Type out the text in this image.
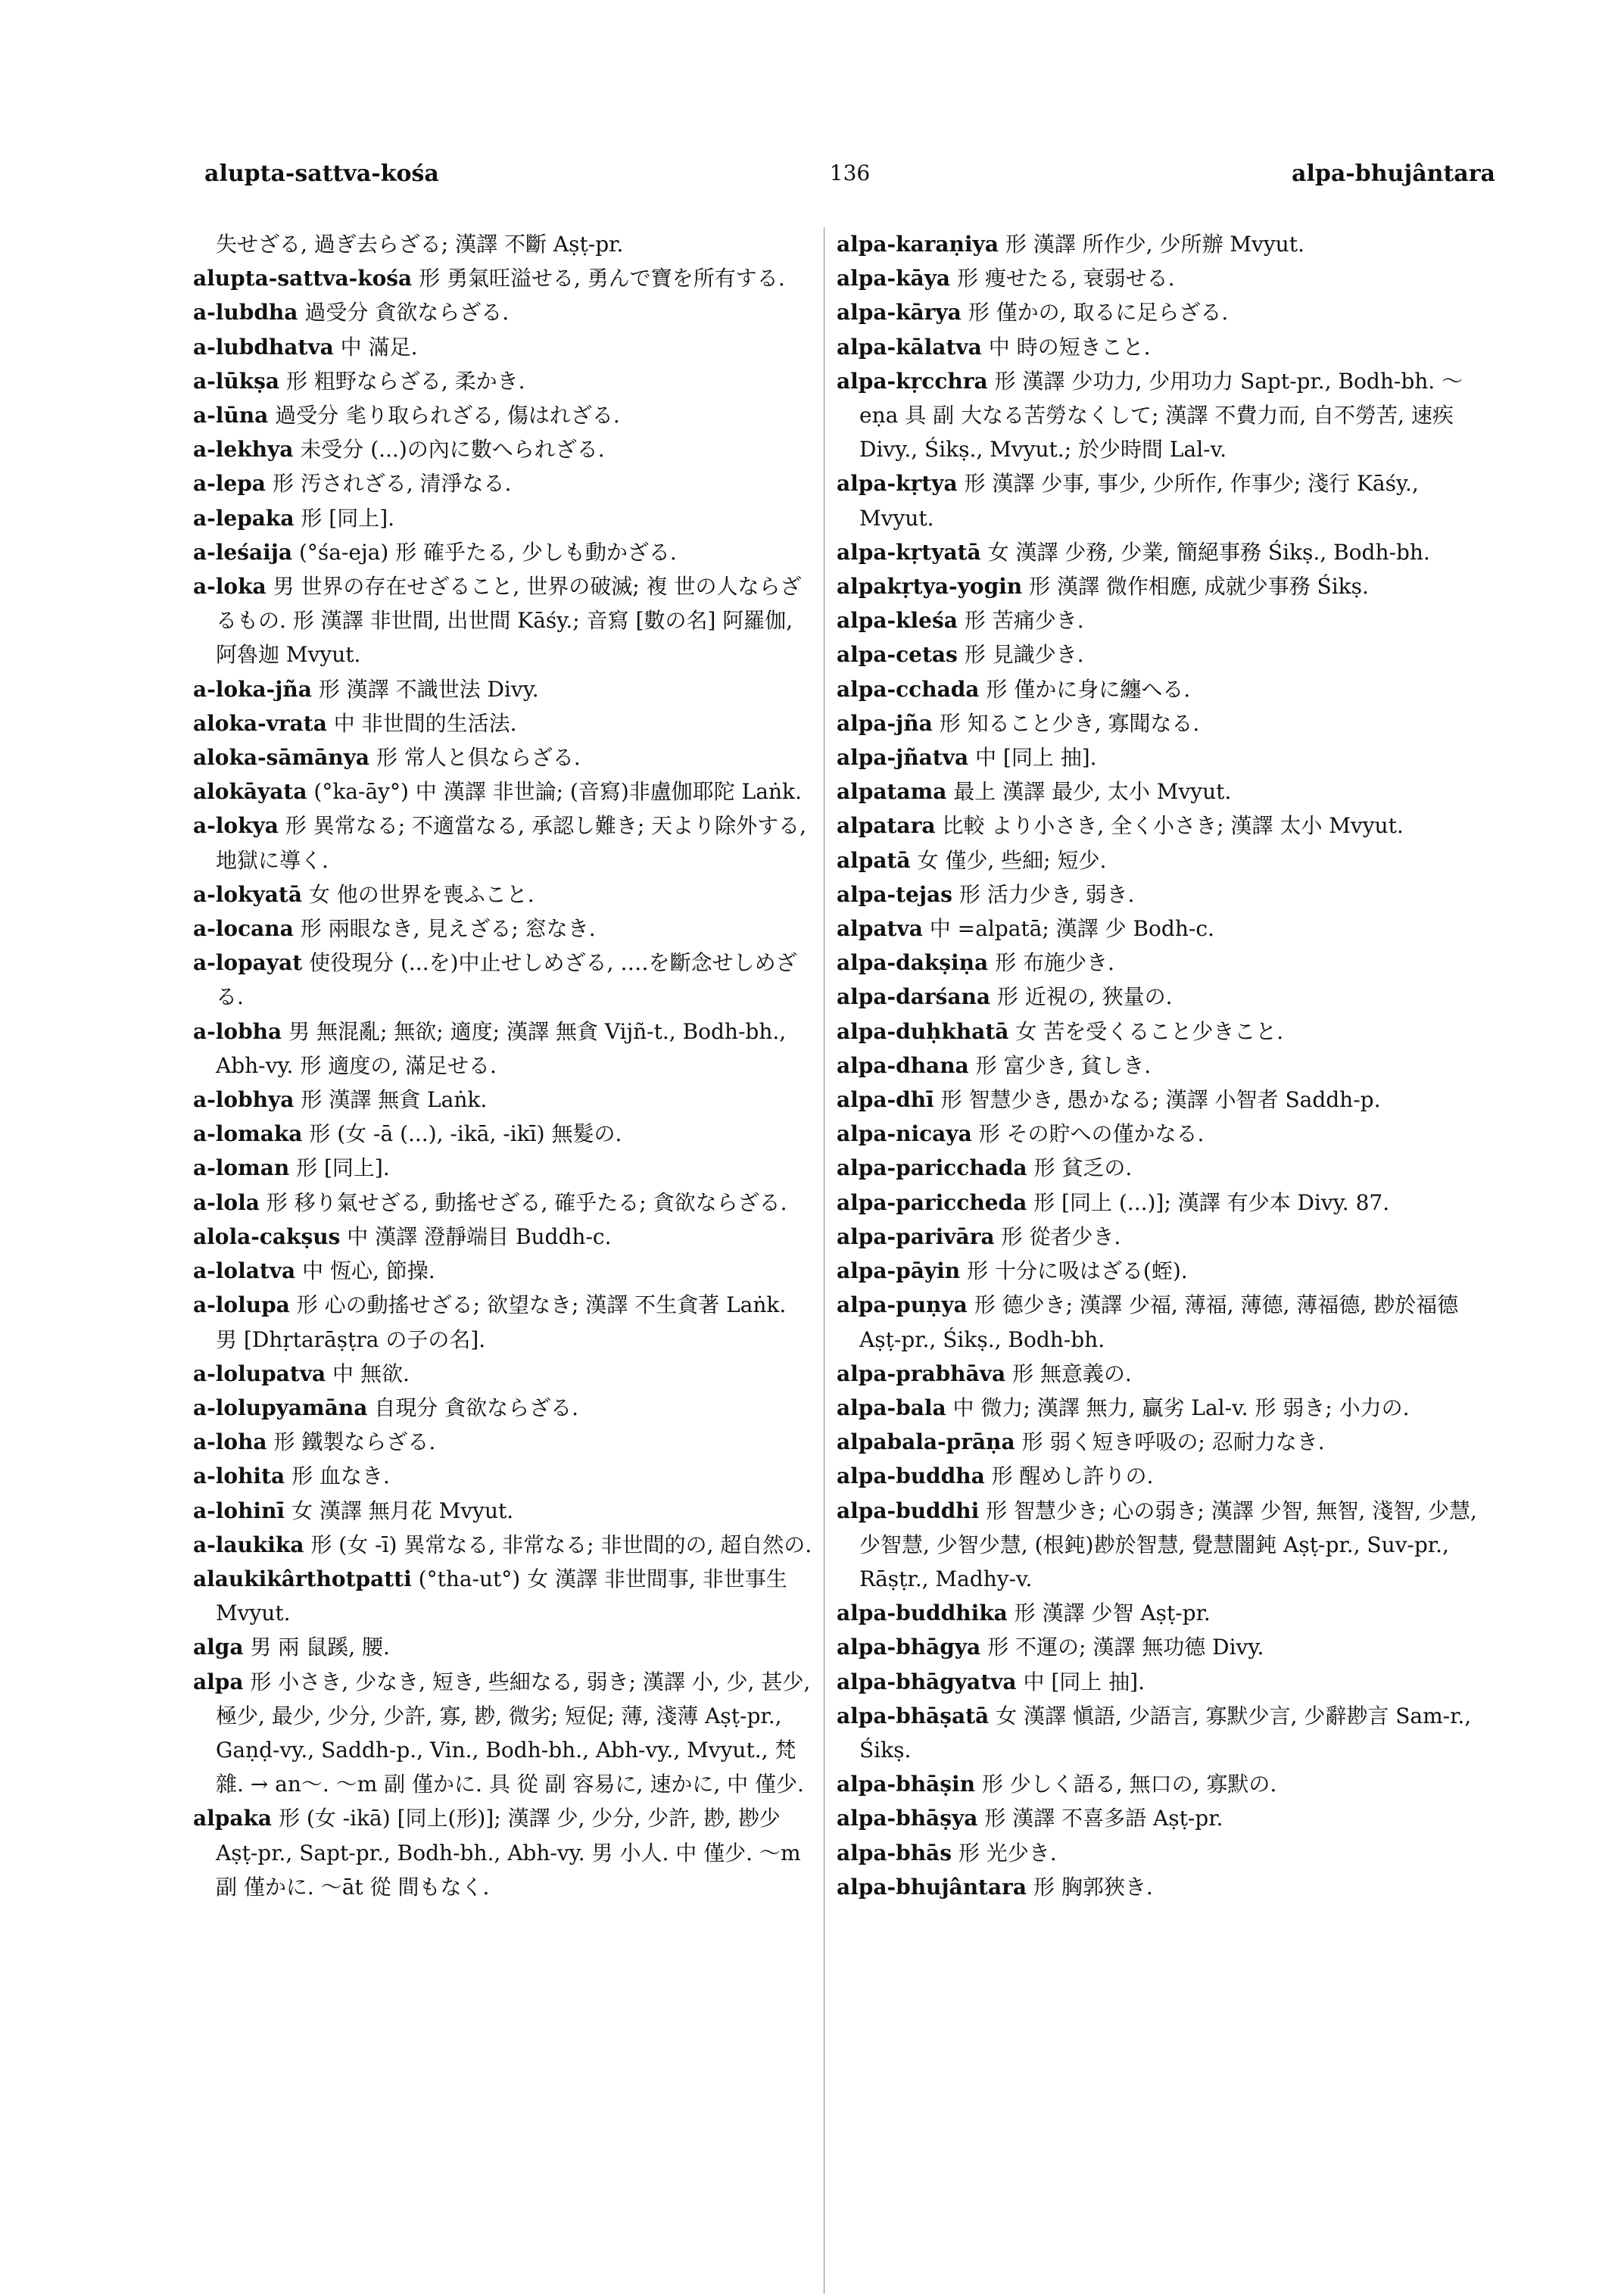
alupta-sattva-kośa	136	alpa-bhujântara
失せざる, 過ぎ去らざる; 漢譯 不斷 Aṣṭ-pr.
alupta-sattva-kośa 形 勇氣旺溢せる, 勇んで寶を所有する.
a-lubdha 過受分 貪欲ならざる.
a-lubdhatva 中 滿足.
a-lūkṣa 形 粗野ならざる, 柔かき.
a-lūna 過受分 毟り取られざる, 傷はれざる.
a-lekhya 未受分 (...)の內に數へられざる.
a-lepa 形 汚されざる, 清淨なる.
a-lepaka 形 [同上].
a-leśaija (°śa-eja) 形 確乎たる, 少しも動かざる.
a-loka 男 世界の存在せざること, 世界の破滅; 複 世の人ならざるもの. 形 漢譯 非世間, 出世間 Kāśy.; 音寫 [數の名] 阿羅伽, 阿魯迦 Mvyut.
a-loka-jña 形 漢譯 不識世法 Divy.
aloka-vrata 中 非世間的生活法.
aloka-sāmānya 形 常人と倶ならざる.
alokāyata (°ka-āy°) 中 漢譯 非世論; (音寫)非盧伽耶陀 Laṅk.
a-lokya 形 異常なる; 不適當なる, 承認し難き; 天より除外する, 地獄に導く.
a-lokyatā 女 他の世界を喪ふこと.
a-locana 形 兩眼なき, 見えざる; 窓なき.
a-lopayat 使役現分 (...を)中止せしめざる, ‥‥を斷念せしめざる.
a-lobha 男 無混亂; 無欲; 適度; 漢譯 無貪 Vijñ-t., Bodh-bh., Abh-vy. 形 適度の, 滿足せる.
a-lobhya 形 漢譯 無貪 Laṅk.
a-lomaka 形 (女 -ā (...), -ikā, -ikī) 無髮の.
a-loman 形 [同上].
a-lola 形 移り氣せざる, 動搖せざる, 確乎たる; 貪欲ならざる.
alola-cakṣus 中 漢譯 澄靜端目 Buddh-c.
a-lolatva 中 恆心, 節操.
a-lolupa 形 心の動搖せざる; 欲望なき; 漢譯 不生貪著 Laṅk. 男 [Dhṛtarāṣṭra の子の名].
a-lolupatva 中 無欲.
a-lolupyamāna 自現分 貪欲ならざる.
a-loha 形 鐵製ならざる.
a-lohita 形 血なき.
a-lohinī 女 漢譯 無月花 Mvyut.
a-laukika 形 (女 -ī) 異常なる, 非常なる; 非世間的の, 超自然の.
alaukikârthotpatti (°tha-ut°) 女 漢譯 非世間事, 非世事生 Mvyut.
alga 男 兩 鼠蹊, 腰.
alpa 形 小さき, 少なき, 短き, 些細なる, 弱き; 漢譯 小, 少, 甚少, 極少, 最少, 少分, 少許, 寡, 尠, 微劣; 短促; 薄, 淺薄 Aṣṭ-pr., Gaṇḍ-vy., Saddh-p., Vin., Bodh-bh., Abh-vy., Mvyut., 梵雜. → an〜. 〜m 副 僅かに. 具 從 副 容易に, 速かに, 中 僅少.
alpaka 形 (女 -ikā) [同上(形)]; 漢譯 少, 少分, 少許, 尠, 尠少 Aṣṭ-pr., Sapt-pr., Bodh-bh., Abh-vy. 男 小人. 中 僅少. 〜m 副 僅かに. 〜āt 從 間もなく.
alpa-karaṇiya 形 漢譯 所作少, 少所辦 Mvyut.
alpa-kāya 形 痩せたる, 衰弱せる.
alpa-kārya 形 僅かの, 取るに足らざる.
alpa-kālatva 中 時の短きこと.
alpa-kṛcchra 形 漢譯 少功力, 少用功力 Sapt-pr., Bodh-bh. 〜eṇa 具 副 大なる苦勞なくして; 漢譯 不費力而, 自不勞苦, 速疾 Divy., Śikṣ., Mvyut.; 於少時間 Lal-v.
alpa-kṛtya 形 漢譯 少事, 事少, 少所作, 作事少; 淺行 Kāśy., Mvyut.
alpa-kṛtyatā 女 漢譯 少務, 少業, 簡絕事務 Śikṣ., Bodh-bh.
alpakṛtya-yogin 形 漢譯 微作相應, 成就少事務 Śikṣ.
alpa-kleśa 形 苦痛少き.
alpa-cetas 形 見識少き.
alpa-cchada 形 僅かに身に纏へる.
alpa-jña 形 知ること少き, 寡聞なる.
alpa-jñatva 中 [同上 抽].
alpatama 最上 漢譯 最少, 太小 Mvyut.
alpatara 比較 より小さき, 全く小さき; 漢譯 太小 Mvyut.
alpatā 女 僅少, 些細; 短少.
alpa-tejas 形 活力少き, 弱き.
alpatva 中 =alpatā; 漢譯 少 Bodh-c.
alpa-dakṣiṇa 形 布施少き.
alpa-darśana 形 近視の, 狹量の.
alpa-duḥkhatā 女 苦を受くること少きこと.
alpa-dhana 形 富少き, 貧しき.
alpa-dhī 形 智慧少き, 愚かなる; 漢譯 小智者 Saddh-p.
alpa-nicaya 形 その貯への僅かなる.
alpa-paricchada 形 貧乏の.
alpa-pariccheda 形 [同上 (...)]; 漢譯 有少本 Divy. 87.
alpa-parivāra 形 從者少き.
alpa-pāyin 形 十分に吸はざる(蛭).
alpa-puṇya 形 德少き; 漢譯 少福, 薄福, 薄德, 薄福德, 尠於福德 Aṣṭ-pr., Śikṣ., Bodh-bh.
alpa-prabhāva 形 無意義の.
alpa-bala 中 微力; 漢譯 無力, 贏劣 Lal-v. 形 弱き; 小力の.
alpabala-prāṇa 形 弱く短き呼吸の; 忍耐力なき.
alpa-buddha 形 醒めし許りの.
alpa-buddhi 形 智慧少き; 心の弱き; 漢譯 少智, 無智, 淺智, 少慧, 少智慧, 少智少慧, (根鈍)尠於智慧, 覺慧闇鈍 Aṣṭ-pr., Suv-pr., Rāṣṭr., Madhy-v.
alpa-buddhika 形 漢譯 少智 Aṣṭ-pr.
alpa-bhāgya 形 不運の; 漢譯 無功德 Divy.
alpa-bhāgyatva 中 [同上 抽].
alpa-bhāṣatā 女 漢譯 愼語, 少語言, 寡默少言, 少辭尠言 Sam-r., Śikṣ.
alpa-bhāṣin 形 少しく語る, 無口の, 寡默の.
alpa-bhāṣya 形 漢譯 不喜多語 Aṣṭ-pr.
alpa-bhās 形 光少き.
alpa-bhujântara 形 胸郭狹き.
